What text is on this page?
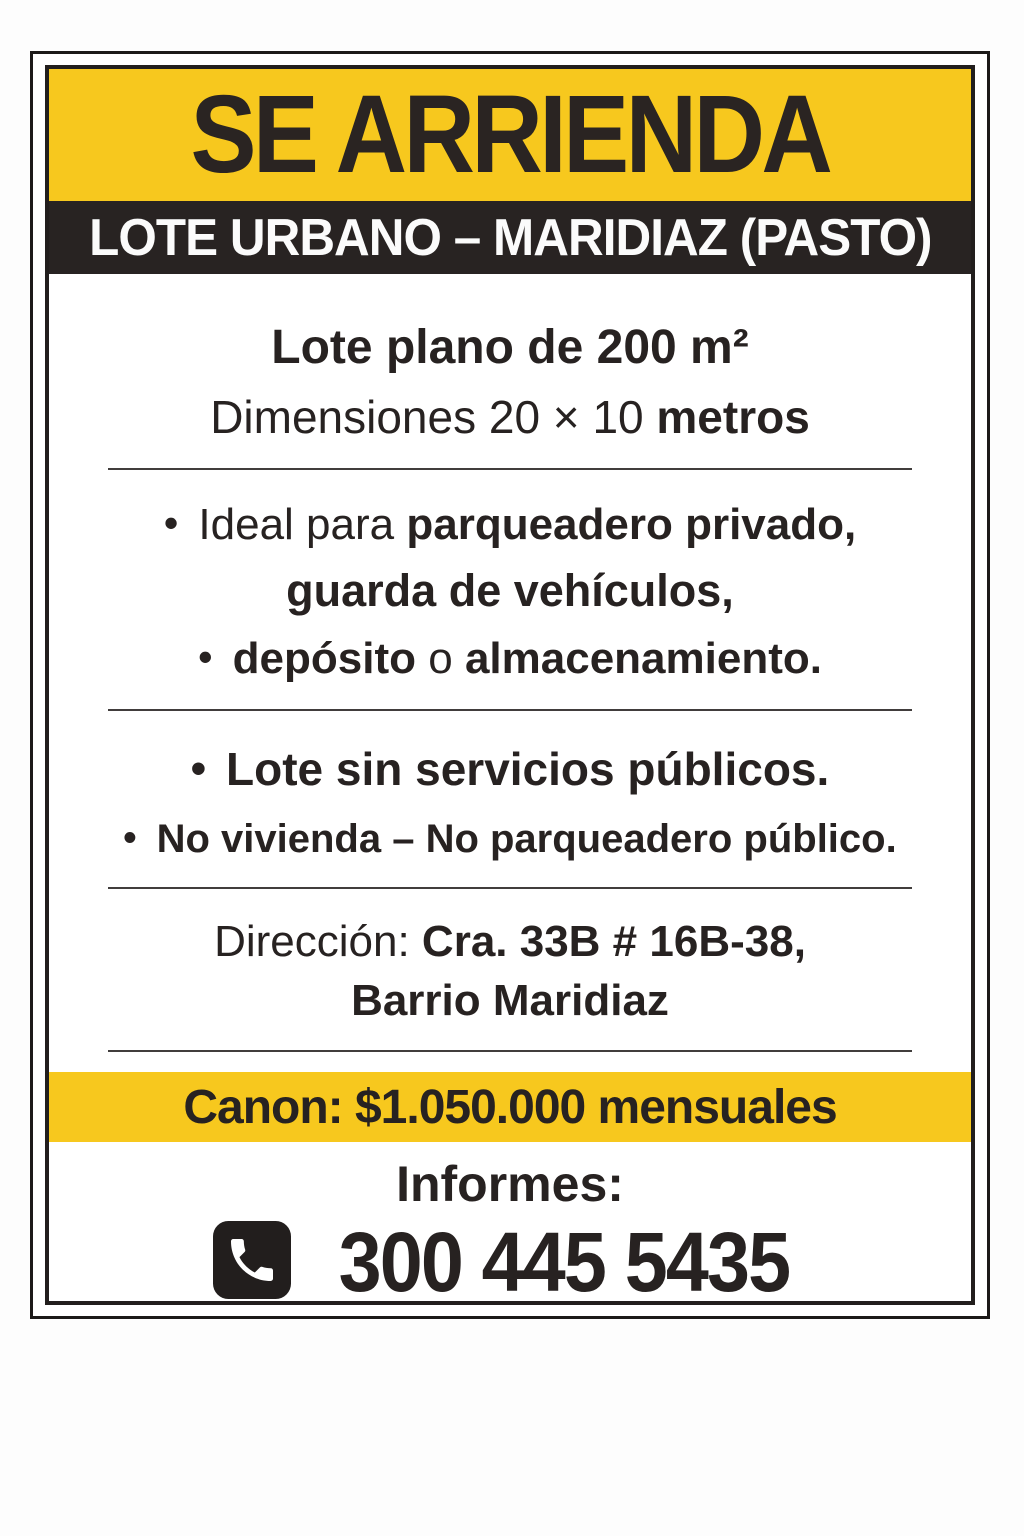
SE ARRIENDA
LOTE URBANO – MARIDIAZ (PASTO)

Lote plano de 200 m²

Dimensiones 20 × 10 metros

• Ideal para parqueadero privado,

guarda de vehículos,

• depósito o almacenamiento.

• Lote sin servicios públicos.

• No vivienda – No parqueadero público.

Dirección: Cra. 33B # 16B-38,

Barrio Maridiaz

Canon: $1.050.000 mensuales

Informes:

300 445 5435
